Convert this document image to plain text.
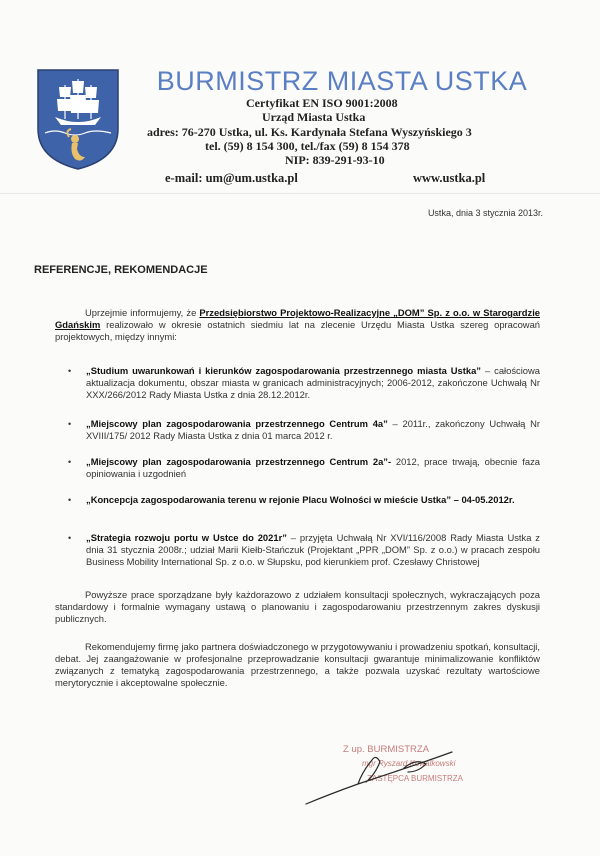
BURMISTRZ MIASTA USTKA
Certyfikat EN ISO 9001:2008
Urząd Miasta Ustka
adres: 76-270 Ustka, ul. Ks. Kardynała Stefana Wyszyńskiego 3
tel. (59) 8 154 300, tel./fax (59) 8 154 378
NIP: 839-291-93-10
e-mail: um@um.ustka.pl	www.ustka.pl
Ustka, dnia 3 stycznia 2013r.
REFERENCJE, REKOMENDACJE
Uprzejmie informujemy, że Przedsiębiorstwo Projektowo-Realizacyjne „DOM” Sp. z o.o. w Starogardzie Gdańskim realizowało w okresie ostatnich siedmiu lat na zlecenie Urzędu Miasta Ustka szereg opracowań projektowych, między innymi:
• „Studium uwarunkowań i kierunków zagospodarowania przestrzennego miasta Ustka” – całościowa aktualizacja dokumentu, obszar miasta w granicach administracyjnych; 2006-2012, zakończone Uchwałą Nr XXX/266/2012 Rady Miasta Ustka z dnia 28.12.2012r.
• „Miejscowy plan zagospodarowania przestrzennego Centrum 4a” – 2011r., zakończony Uchwałą Nr XVIII/175/ 2012 Rady Miasta Ustka z dnia 01 marca 2012 r.
• „Miejscowy plan zagospodarowania przestrzennego Centrum 2a”- 2012, prace trwają, obecnie faza opiniowania i uzgodnień
• „Koncepcja zagospodarowania terenu w rejonie Placu Wolności w mieście Ustka” – 04-05.2012r.
• „Strategia rozwoju portu w Ustce do 2021r” – przyjęta Uchwałą Nr XVI/116/2008 Rady Miasta Ustka z dnia 31 stycznia 2008r.; udział Marii Kiełb-Stańczuk (Projektant „PPR „DOM” Sp. z o.o.) w pracach zespołu Business Mobility International Sp. z o.o. w Słupsku, pod kierunkiem prof. Czesławy Christowej
Powyższe prace sporządzane były każdorazowo z udziałem konsultacji społecznych, wykraczających poza standardowy i formalnie wymagany ustawą o planowaniu i zagospodarowaniu przestrzennym zakres dyskusji publicznych.
Rekomendujemy firmę jako partnera doświadczonego w przygotowywaniu i prowadzeniu spotkań, konsultacji, debat. Jej zaangażowanie w profesjonalne przeprowadzanie konsultacji gwarantuje minimalizowanie konfliktów związanych z tematyką zagospodarowania przestrzennego, a także pozwala uzyskać rezultaty wartościowe merytorycznie i akceptowalne społecznie.
Z up. BURMISTRZA
mgr Ryszard Kowalkowski
ZASTĘPCA BURMISTRZA
